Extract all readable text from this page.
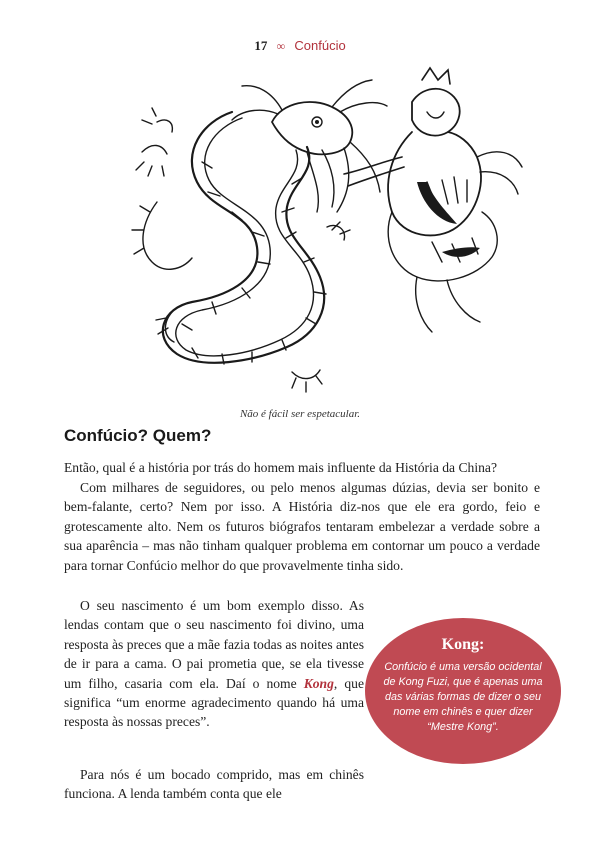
17 ∞ Confúcio
Não é fácil ser espetacular.
Confúcio? Quem?

Então, qual é a história por trás do homem mais influente da História da China?

Com milhares de seguidores, ou pelo menos algumas dúzias, devia ser bonito e bem-falante, certo? Nem por isso. A História diz-nos que ele era gordo, feio e grotescamente alto. Nem os futuros biógrafos tentaram embelezar a verdade sobre a sua aparência – mas não tinham qualquer problema em contornar um pouco a verdade para tornar Confúcio melhor do que provavelmente tinha sido.

O seu nascimento é um bom exemplo disso. As lendas contam que o seu nascimento foi divino, uma resposta às preces que a mãe fazia todas as noites antes de ir para a cama. O pai prometia que, se ela tivesse um filho, casaria com ela. Daí o nome Kong, que significa “um enorme agradecimento quando há uma resposta às nossas preces”.

Para nós é um bocado comprido, mas em chinês funciona. A lenda também conta que ele

Kong:

Confúcio é uma versão ocidental de Kong Fuzi, que é apenas uma das várias formas de dizer o seu nome em chinês e quer dizer “Mestre Kong”.
